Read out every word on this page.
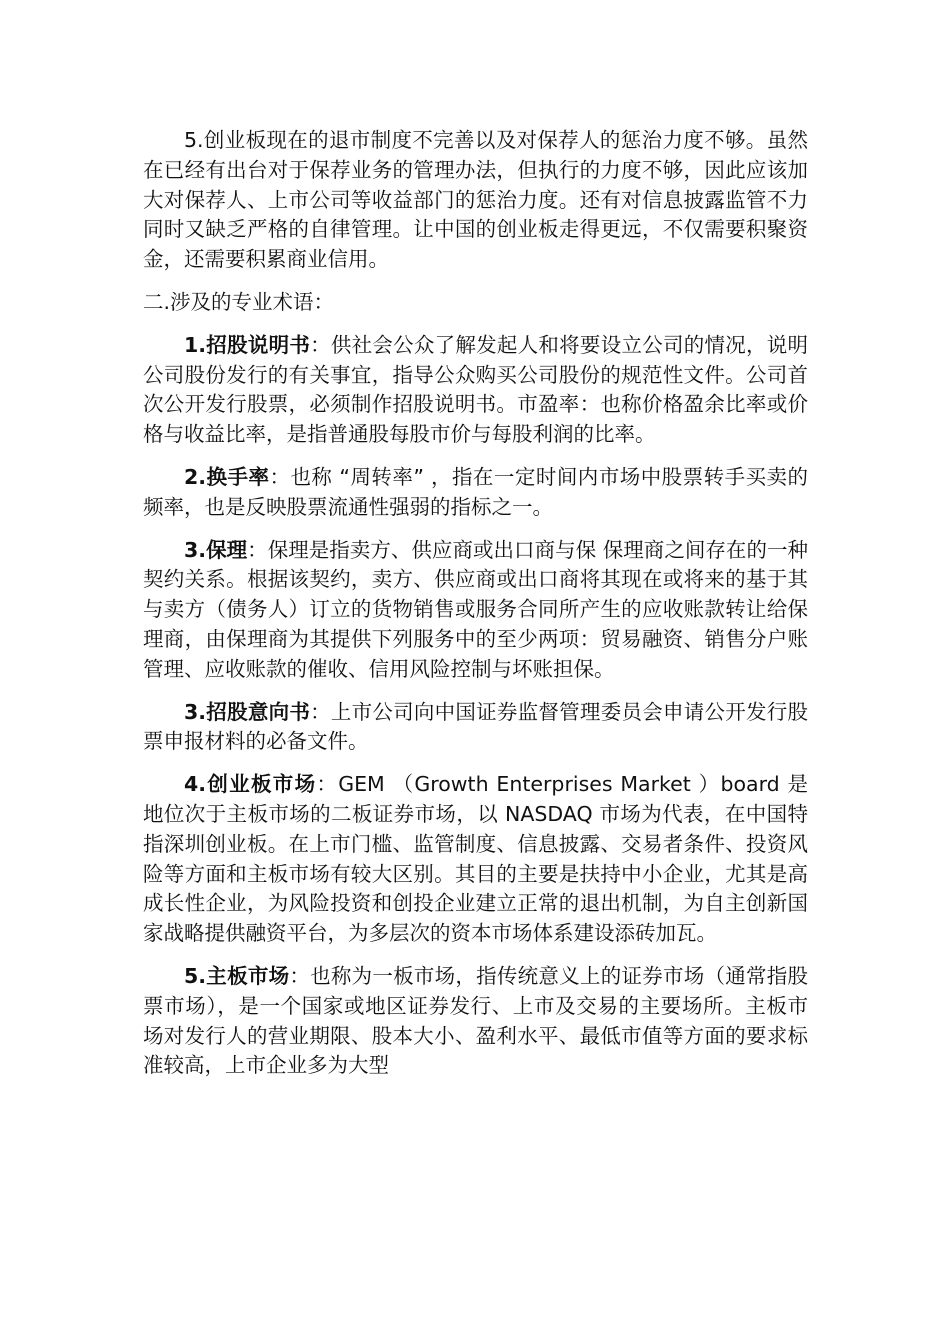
5.创业板现在的退市制度不完善以及对保荐人的惩治力度不够。虽然在已经有出台对于保荐业务的管理办法，但执行的力度不够，因此应该加大对保荐人、上市公司等收益部门的惩治力度。还有对信息披露监管不力同时又缺乏严格的自律管理。让中国的创业板走得更远，不仅需要积聚资金，还需要积累商业信用。

二.涉及的专业术语：

1.招股说明书：供社会公众了解发起人和将要设立公司的情况，说明公司股份发行的有关事宜，指导公众购买公司股份的规范性文件。公司首次公开发行股票，必须制作招股说明书。市盈率：也称价格盈余比率或价格与收益比率，是指普通股每股市价与每股利润的比率。

2.换手率：也称 “周转率” ，指在一定时间内市场中股票转手买卖的频率，也是反映股票流通性强弱的指标之一。

3.保理：保理是指卖方、供应商或出口商与保 保理商之间存在的一种契约关系。根据该契约，卖方、供应商或出口商将其现在或将来的基于其与卖方（债务人）订立的货物销售或服务合同所产生的应收账款转让给保理商，由保理商为其提供下列服务中的至少两项：贸易融资、销售分户账管理、应收账款的催收、信用风险控制与坏账担保。

3.招股意向书：上市公司向中国证券监督管理委员会申请公开发行股票申报材料的必备文件。

4.创业板市场：GEM （Growth Enterprises Market ）board 是地位次于主板市场的二板证券市场，以 NASDAQ 市场为代表，在中国特指深圳创业板。在上市门槛、监管制度、信息披露、交易者条件、投资风险等方面和主板市场有较大区别。其目的主要是扶持中小企业，尤其是高成长性企业，为风险投资和创投企业建立正常的退出机制，为自主创新国家战略提供融资平台，为多层次的资本市场体系建设添砖加瓦。

5.主板市场：也称为一板市场，指传统意义上的证券市场（通常指股票市场），是一个国家或地区证券发行、上市及交易的主要场所。主板市场对发行人的营业期限、股本大小、盈利水平、最低市值等方面的要求标准较高，上市企业多为大型
